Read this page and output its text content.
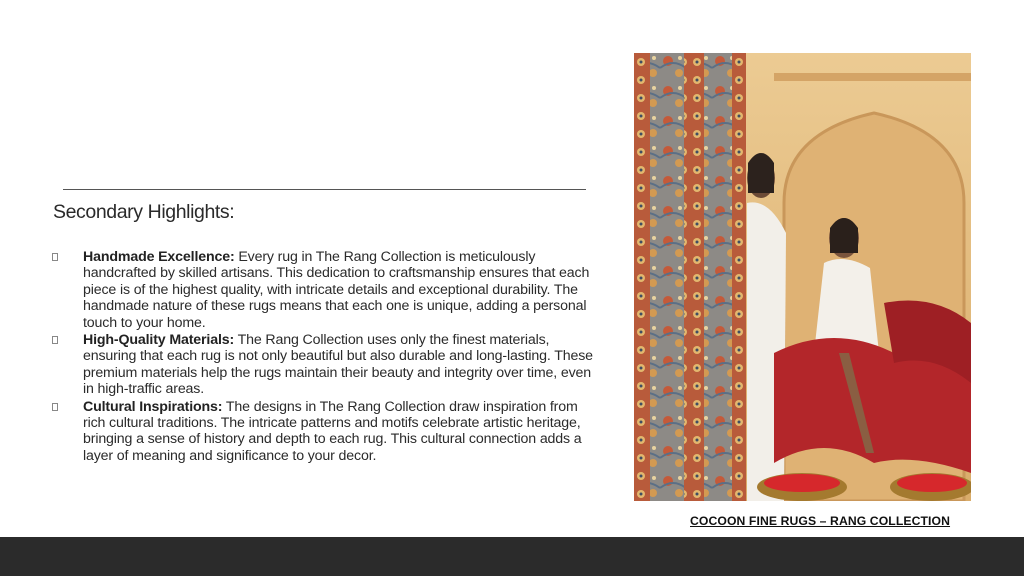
Secondary Highlights:
Handmade Excellence: Every rug in The Rang Collection is meticulously handcrafted by skilled artisans. This dedication to craftsmanship ensures that each piece is of the highest quality, with intricate details and exceptional durability. The handmade nature of these rugs means that each one is unique, adding a personal touch to your home.
High-Quality Materials: The Rang Collection uses only the finest materials, ensuring that each rug is not only beautiful but also durable and long-lasting. These premium materials help the rugs maintain their beauty and integrity over time, even in high-traffic areas.
Cultural Inspirations: The designs in The Rang Collection draw inspiration from rich cultural traditions. The intricate patterns and motifs celebrate artistic heritage, bringing a sense of history and depth to each rug. This cultural connection adds a layer of meaning and significance to your decor.
COCOON FINE RUGS – RANG COLLECTION
